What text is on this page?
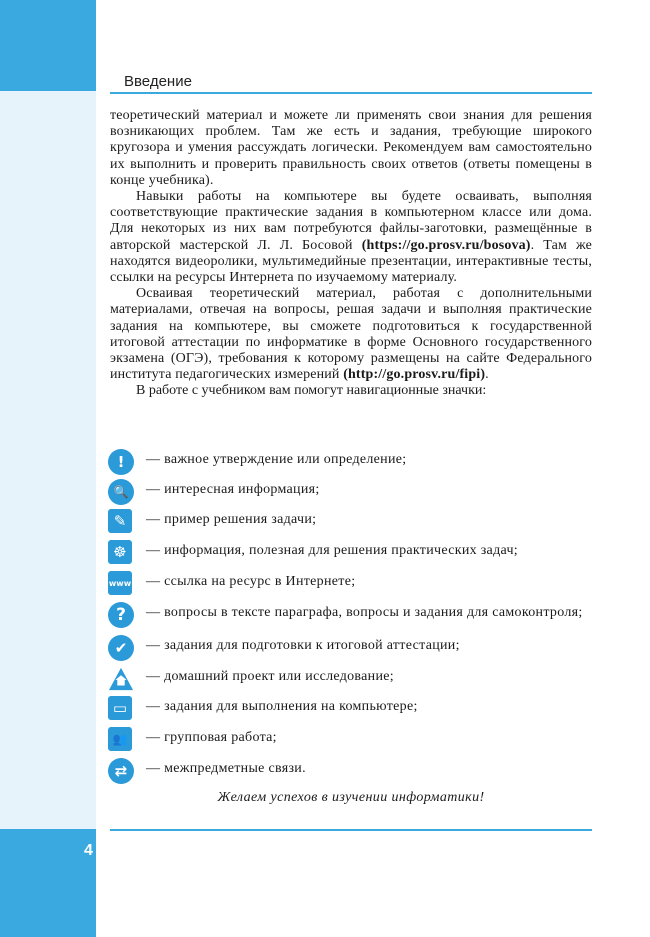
Введение

теоретический материал и можете ли применять свои знания для решения возникающих проблем. Там же есть и задания, требующие широкого кругозора и умения рассуждать логически. Рекомендуем вам самостоятельно их выполнить и проверить правильность своих ответов (ответы помещены в конце учебника).

Навыки работы на компьютере вы будете осваивать, выполняя соответствующие практические задания в компьютерном классе или дома. Для некоторых из них вам потребуются файлы-заготовки, размещённые в авторской мастерской Л. Л. Босовой (https://go.prosv.ru/bosova). Там же находятся видеоролики, мультимедийные презентации, интерактивные тесты, ссылки на ресурсы Интернета по изучаемому материалу.

Осваивая теоретический материал, работая с дополнительными материалами, отвечая на вопросы, решая задачи и выполняя практические задания на компьютере, вы сможете подготовиться к государственной итоговой аттестации по информатике в форме Основного государственного экзамена (ОГЭ), требования к которому размещены на сайте Федерального института педагогических измерений (http://go.prosv.ru/fipi).

В работе с учебником вам помогут навигационные значки:

!	— важное утверждение или определение;
🔍	— интересная информация;
✎	— пример решения задачи;
☸	— информация, полезная для решения практических задач;
www — ссылка на ресурс в Интернете;
?	— вопросы в тексте параграфа, вопросы и задания для самоконтроля;
✔	— задания для подготовки к итоговой аттестации;
— домашний проект или исследование;
▭	— задания для выполнения на компьютере;
👥	— групповая работа;
⇄	— межпредметные связи.
Желаем успехов в изучении информатики!
4
